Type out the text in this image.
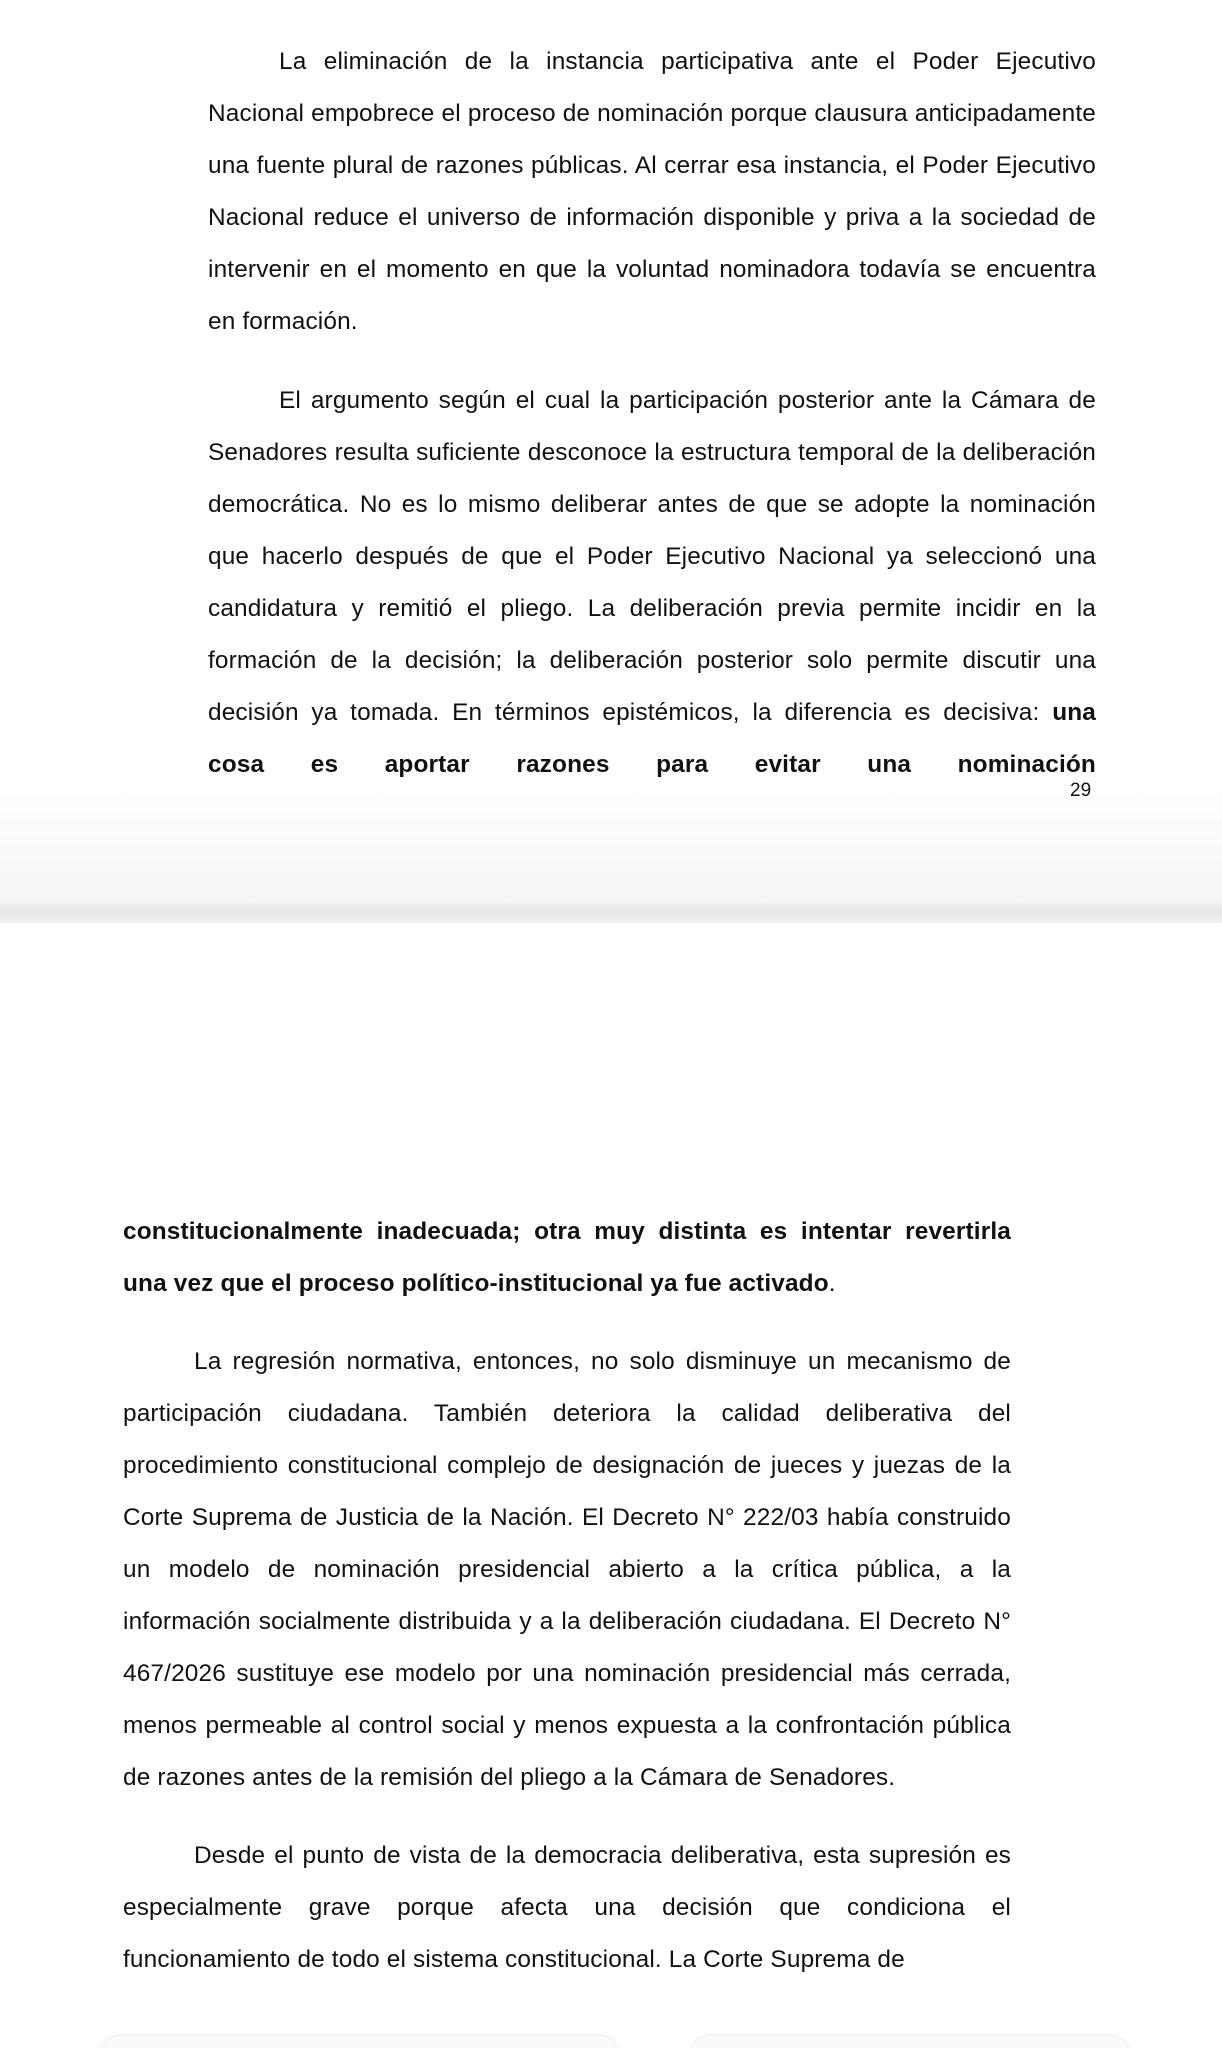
La eliminación de la instancia participativa ante el Poder Ejecutivo Nacional empobrece el proceso de nominación porque clausura anticipadamente una fuente plural de razones públicas. Al cerrar esa instancia, el Poder Ejecutivo Nacional reduce el universo de información disponible y priva a la sociedad de intervenir en el momento en que la voluntad nominadora todavía se encuentra en formación.

El argumento según el cual la participación posterior ante la Cámara de Senadores resulta suficiente desconoce la estructura temporal de la deliberación democrática. No es lo mismo deliberar antes de que se adopte la nominación que hacerlo después de que el Poder Ejecutivo Nacional ya seleccionó una candidatura y remitió el pliego. La deliberación previa permite incidir en la formación de la decisión; la deliberación posterior solo permite discutir una decisión ya tomada. En términos epistémicos, la diferencia es decisiva: una cosa es aportar razones para evitar una nominación

29

constitucionalmente inadecuada; otra muy distinta es intentar revertirla una vez que el proceso político-institucional ya fue activado.

La regresión normativa, entonces, no solo disminuye un mecanismo de participación ciudadana. También deteriora la calidad deliberativa del procedimiento constitucional complejo de designación de jueces y juezas de la Corte Suprema de Justicia de la Nación. El Decreto N° 222/03 había construido un modelo de nominación presidencial abierto a la crítica pública, a la información socialmente distribuida y a la deliberación ciudadana. El Decreto N° 467/2026 sustituye ese modelo por una nominación presidencial más cerrada, menos permeable al control social y menos expuesta a la confrontación pública de razones antes de la remisión del pliego a la Cámara de Senadores.

Desde el punto de vista de la democracia deliberativa, esta supresión es especialmente grave porque afecta una decisión que condiciona el funcionamiento de todo el sistema constitucional. La Corte Suprema de
